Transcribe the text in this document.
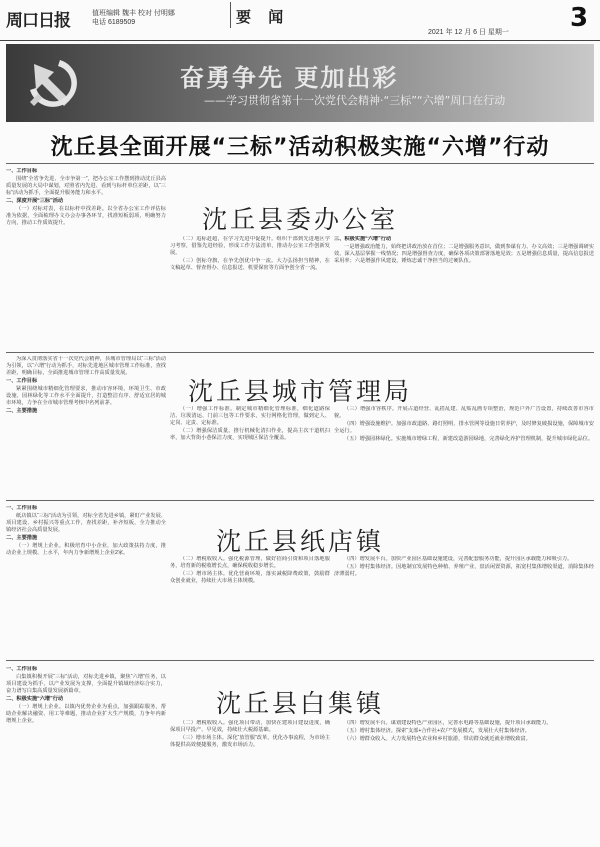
周口日报	值班编辑 魏丰 校对 付明娜
电话 6189509	要 闻
2021 年 12 月 6 日 星期一 3
奋勇争先 更加出彩
——学习贯彻省第十一次党代会精神·“三标”“六增”周口在行动
沈丘县全面开展“三标”活动积极实施“六增”行动
沈丘县委办公室

一、工作目标

围绕“全省争先进、全市争第一”，把办公室工作摆到推动沈丘县高质量发展的大局中谋划，对照省内先进、看到与标杆单位差距，以“三标”活动为抓手，全面提升服务能力和水平。

二、深度开展“三标”活动

（一）对标对表，在以标杆中找差距。以全省办公室工作评估标准为依据，全面梳理办文办会办事各环节，找准短板弱项，明确努力方向，推动工作质效提升。

（二）追标赶超，在学习先进中促提升。组织干部到先进地区学习考察，借鉴先进经验，形成工作方法清单，推动办公室工作创新发展。

（三）创标夺旗，在争先创优中争一流。大力弘扬担当精神，在文稿起草、督查督办、信息报送、机要保密等方面争创全省一流。

三、积极实施“六增”行动

一是增强政治能力，始终把讲政治放在首位；二是增强服务意识，做到参谋有力、办文高效；三是增强调研实效，深入基层掌握一线情况；四是增强督查力度，确保各项决策部署落地见效；五是增强信息质量，提高信息报送采用率；六是增强作风建设，锤炼忠诚干净担当的过硬队伍。

沈丘县城市管理局

为深入贯彻落实省十一次党代会精神，县城市管理局以“三标”活动为引领，以“六增”行动为抓手，对标先进地区城市管理工作标准，查找差距，明确目标，全面推进城市管理工作高质量发展。

一、工作目标

紧紧围绕城市精细化管理要求，推动市容环境、环境卫生、市政设施、园林绿化等工作水平全面提升，打造整洁有序、舒适宜居的城市环境，力争在全市城市管理考核中名列前茅。

二、主要措施	（一）增强工作标准。制定城市精细化管理标准，细化道路保洁、垃圾清运、门前三包等工作要求，实行网格化管理，做到定人、定岗、定责、定标准。

（二）增强保洁质量。推行机械化清扫作业，提高主次干道机扫率，加大背街小巷保洁力度，实现城区保洁全覆盖。

（三）增强市容秩序。开展占道经营、乱搭乱建、乱贴乱画专项整治，规范户外广告设置，持续改善市容市貌。

（四）增强设施维护。加强市政道路、路灯照明、排水管网等设施日常养护，及时修复破损设施，保障城市安全运行。

（五）增强园林绿化。实施城市增绿工程，新建改造游园绿地，完善绿化养护管理机制，提升城市绿化品位。

沈丘县纸店镇

一、工作目标

纸店镇以“三标”活动为引领，对标全省先进乡镇，紧盯产业发展、项目建设、乡村振兴等重点工作，查找差距，补齐短板，全力推动全镇经济社会高质量发展。

二、主要措施

（一）增规上企业。积极培育中小企业，加大政策扶持力度，推动企业上规模、上水平，年内力争新增规上企业2家。

（二）增税收收入。强化税源管理，做好招商引资和项目落地服务，培育新的税收增长点，确保税收稳步增长。

（三）增市场主体。优化营商环境，落实减税降费政策，鼓励群众创业就业，持续壮大市场主体规模。

（四）增发展平台。加快产业园区基础设施建设，完善配套服务功能，提升园区承载能力和吸引力。

（五）增村集体经济。因地制宜发展特色种植、养殖产业，盘活闲置资源，拓宽村集体增收渠道，消除集体经济薄弱村。

沈丘县白集镇

一、工作目标

白集镇积极开展“三标”活动，对标先进乡镇，聚焦“六增”任务，以项目建设为抓手，以产业发展为支撑，全面提升镇域经济综合实力，奋力谱写白集高质量发展新篇章。

二、积极实施“六增”行动

（一）增规上企业。以镇内优势企业为重点，加强跟踪服务，帮助企业解决融资、用工等难题，推动企业扩大生产规模，力争年内新增规上企业。	（二）增税收收入。强化项目带动，加快在建项目建设进度，确保项目早投产、早见效，持续壮大税源基础。

（三）增市场主体。深化“放管服”改革，优化办事流程，为市场主体提供高效便捷服务，激发市场活力。

（四）增发展平台。谋划建设特色产业园区，完善水电路等基础设施，提升项目承载能力。

（五）增村集体经济。探索“支部+合作社+农户”发展模式，发展壮大村集体经济。

（六）增群众收入。大力发展特色农业和乡村旅游，带动群众就近就业增收致富。
